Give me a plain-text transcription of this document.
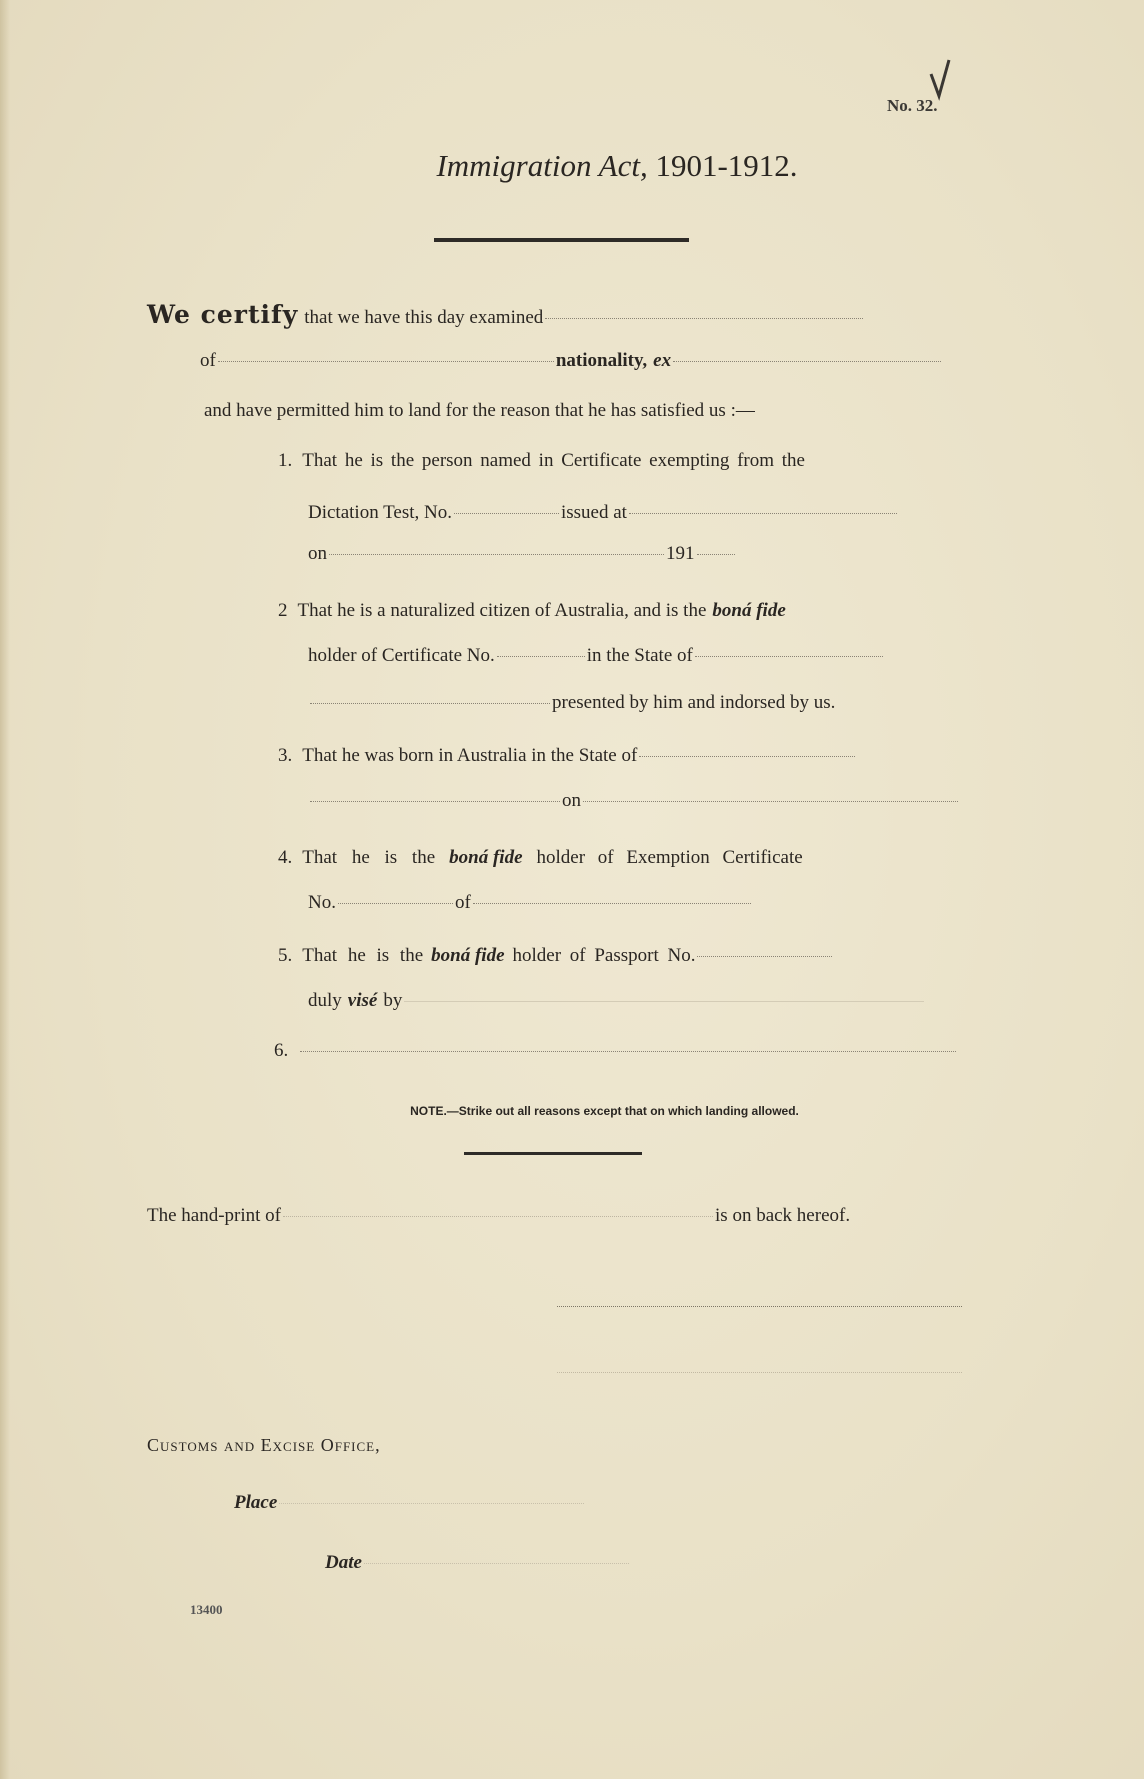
No. 32.
Immigration Act, 1901-1912.
We certify that we have this day examined
of	nationality, ex
and have permitted him to land for the reason that he has satisfied us :—
1. That he is the person named in Certificate exempting from the
Dictation Test, No.	issued at
on	191
2 That he is a naturalized citizen of Australia, and is the boná fide
holder of Certificate No.	in the State of
presented by him and indorsed by us.
3. That he was born in Australia in the State of
on
4. That he is the boná fide holder of Exemption Certificate
No.	of
5. That he is the boná fide holder of Passport No.
duly visé by
6.
NOTE.—Strike out all reasons except that on which landing allowed.
The hand-print of	is on back hereof.
Customs and Excise Office,
Place
Date
13400
